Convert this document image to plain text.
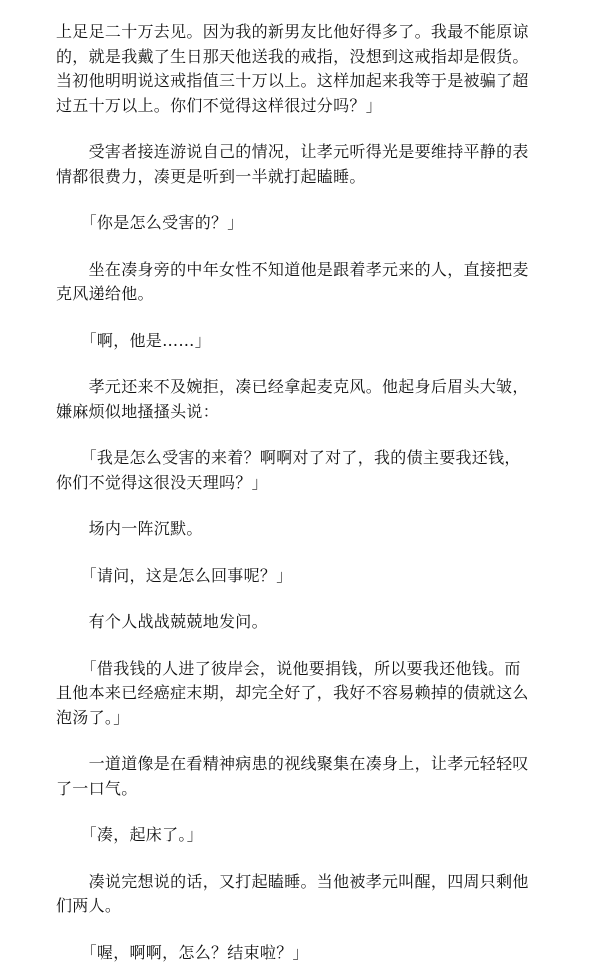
上足足二十万去见。因为我的新男友比他好得多了。我最不能原谅
的，就是我戴了生日那天他送我的戒指，没想到这戒指却是假货。
当初他明明说这戒指值三十万以上。这样加起来我等于是被骗了超
过五十万以上。你们不觉得这样很过分吗？」

　　受害者接连游说自己的情况，让孝元听得光是要维持平静的表
情都很费力，凑更是听到一半就打起瞌睡。

　　「你是怎么受害的？」

　　坐在凑身旁的中年女性不知道他是跟着孝元来的人，直接把麦
克风递给他。

　　「啊，他是……」

　　孝元还来不及婉拒，凑已经拿起麦克风。他起身后眉头大皱，
嫌麻烦似地搔搔头说：

　　「我是怎么受害的来着？啊啊对了对了，我的债主要我还钱，
你们不觉得这很没天理吗？」

　　场内一阵沉默。

　　「请问，这是怎么回事呢？」

　　有个人战战兢兢地发问。

　　「借我钱的人进了彼岸会，说他要捐钱，所以要我还他钱。而
且他本来已经癌症末期，却完全好了，我好不容易赖掉的债就这么
泡汤了。」

　　一道道像是在看精神病患的视线聚集在凑身上，让孝元轻轻叹
了一口气。

　　「凑，起床了。」

　　凑说完想说的话，又打起瞌睡。当他被孝元叫醒，四周只剩他
们两人。

　　「喔，啊啊，怎么？结束啦？」
